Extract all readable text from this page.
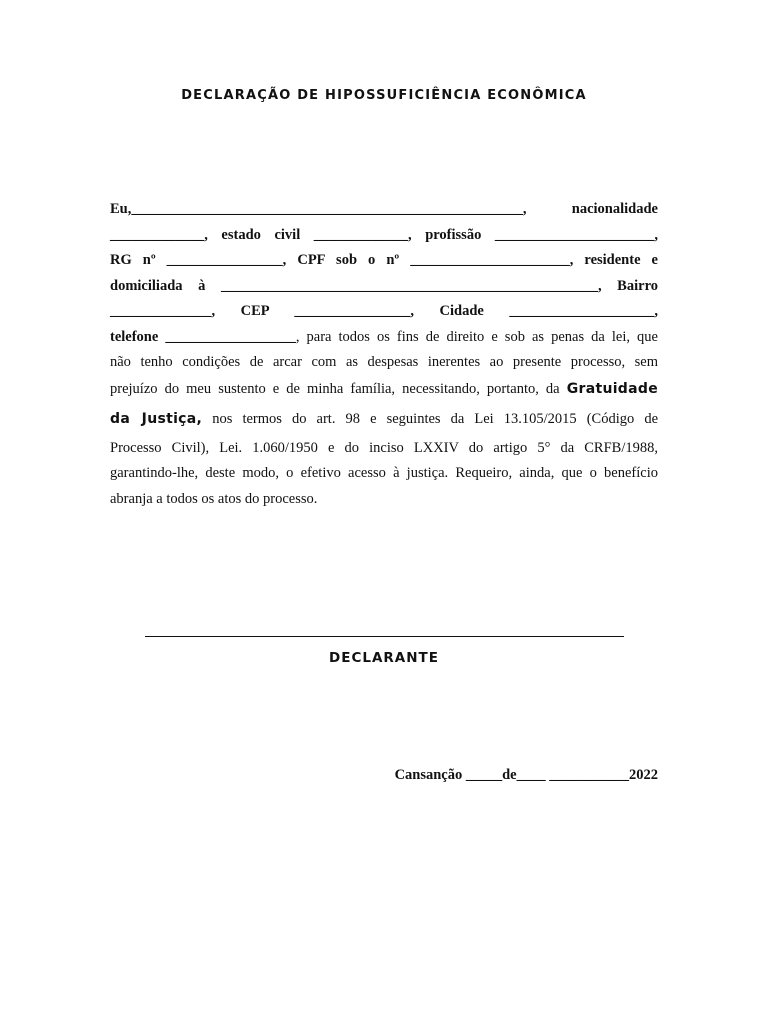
DECLARAÇÃO DE HIPOSSUFICIÊNCIA ECONÔMICA
Eu,______________________________________________________,	nacionalidade
_____________, estado civil _____________, profissão ______________________,
RG nº ________________, CPF sob o nº ______________________, residente e
domiciliada à ____________________________________________________, Bairro
______________, CEP ________________, Cidade ____________________,
telefone __________________, para todos os fins de direito e sob as penas da lei, que
não tenho condições de arcar com as despesas inerentes ao presente processo, sem
prejuízo do meu sustento e de minha família, necessitando, portanto, da Gratuidade
da Justiça, nos termos do art. 98 e seguintes da Lei 13.105/2015 (Código de
Processo Civil), Lei. 1.060/1950 e do inciso LXXIV do artigo 5° da CRFB/1988,
garantindo-lhe, deste modo, o efetivo acesso à justiça. Requeiro, ainda, que o benefício
abranja a todos os atos do processo.

DECLARANTE

Cansanção _____de____ ___________2022
